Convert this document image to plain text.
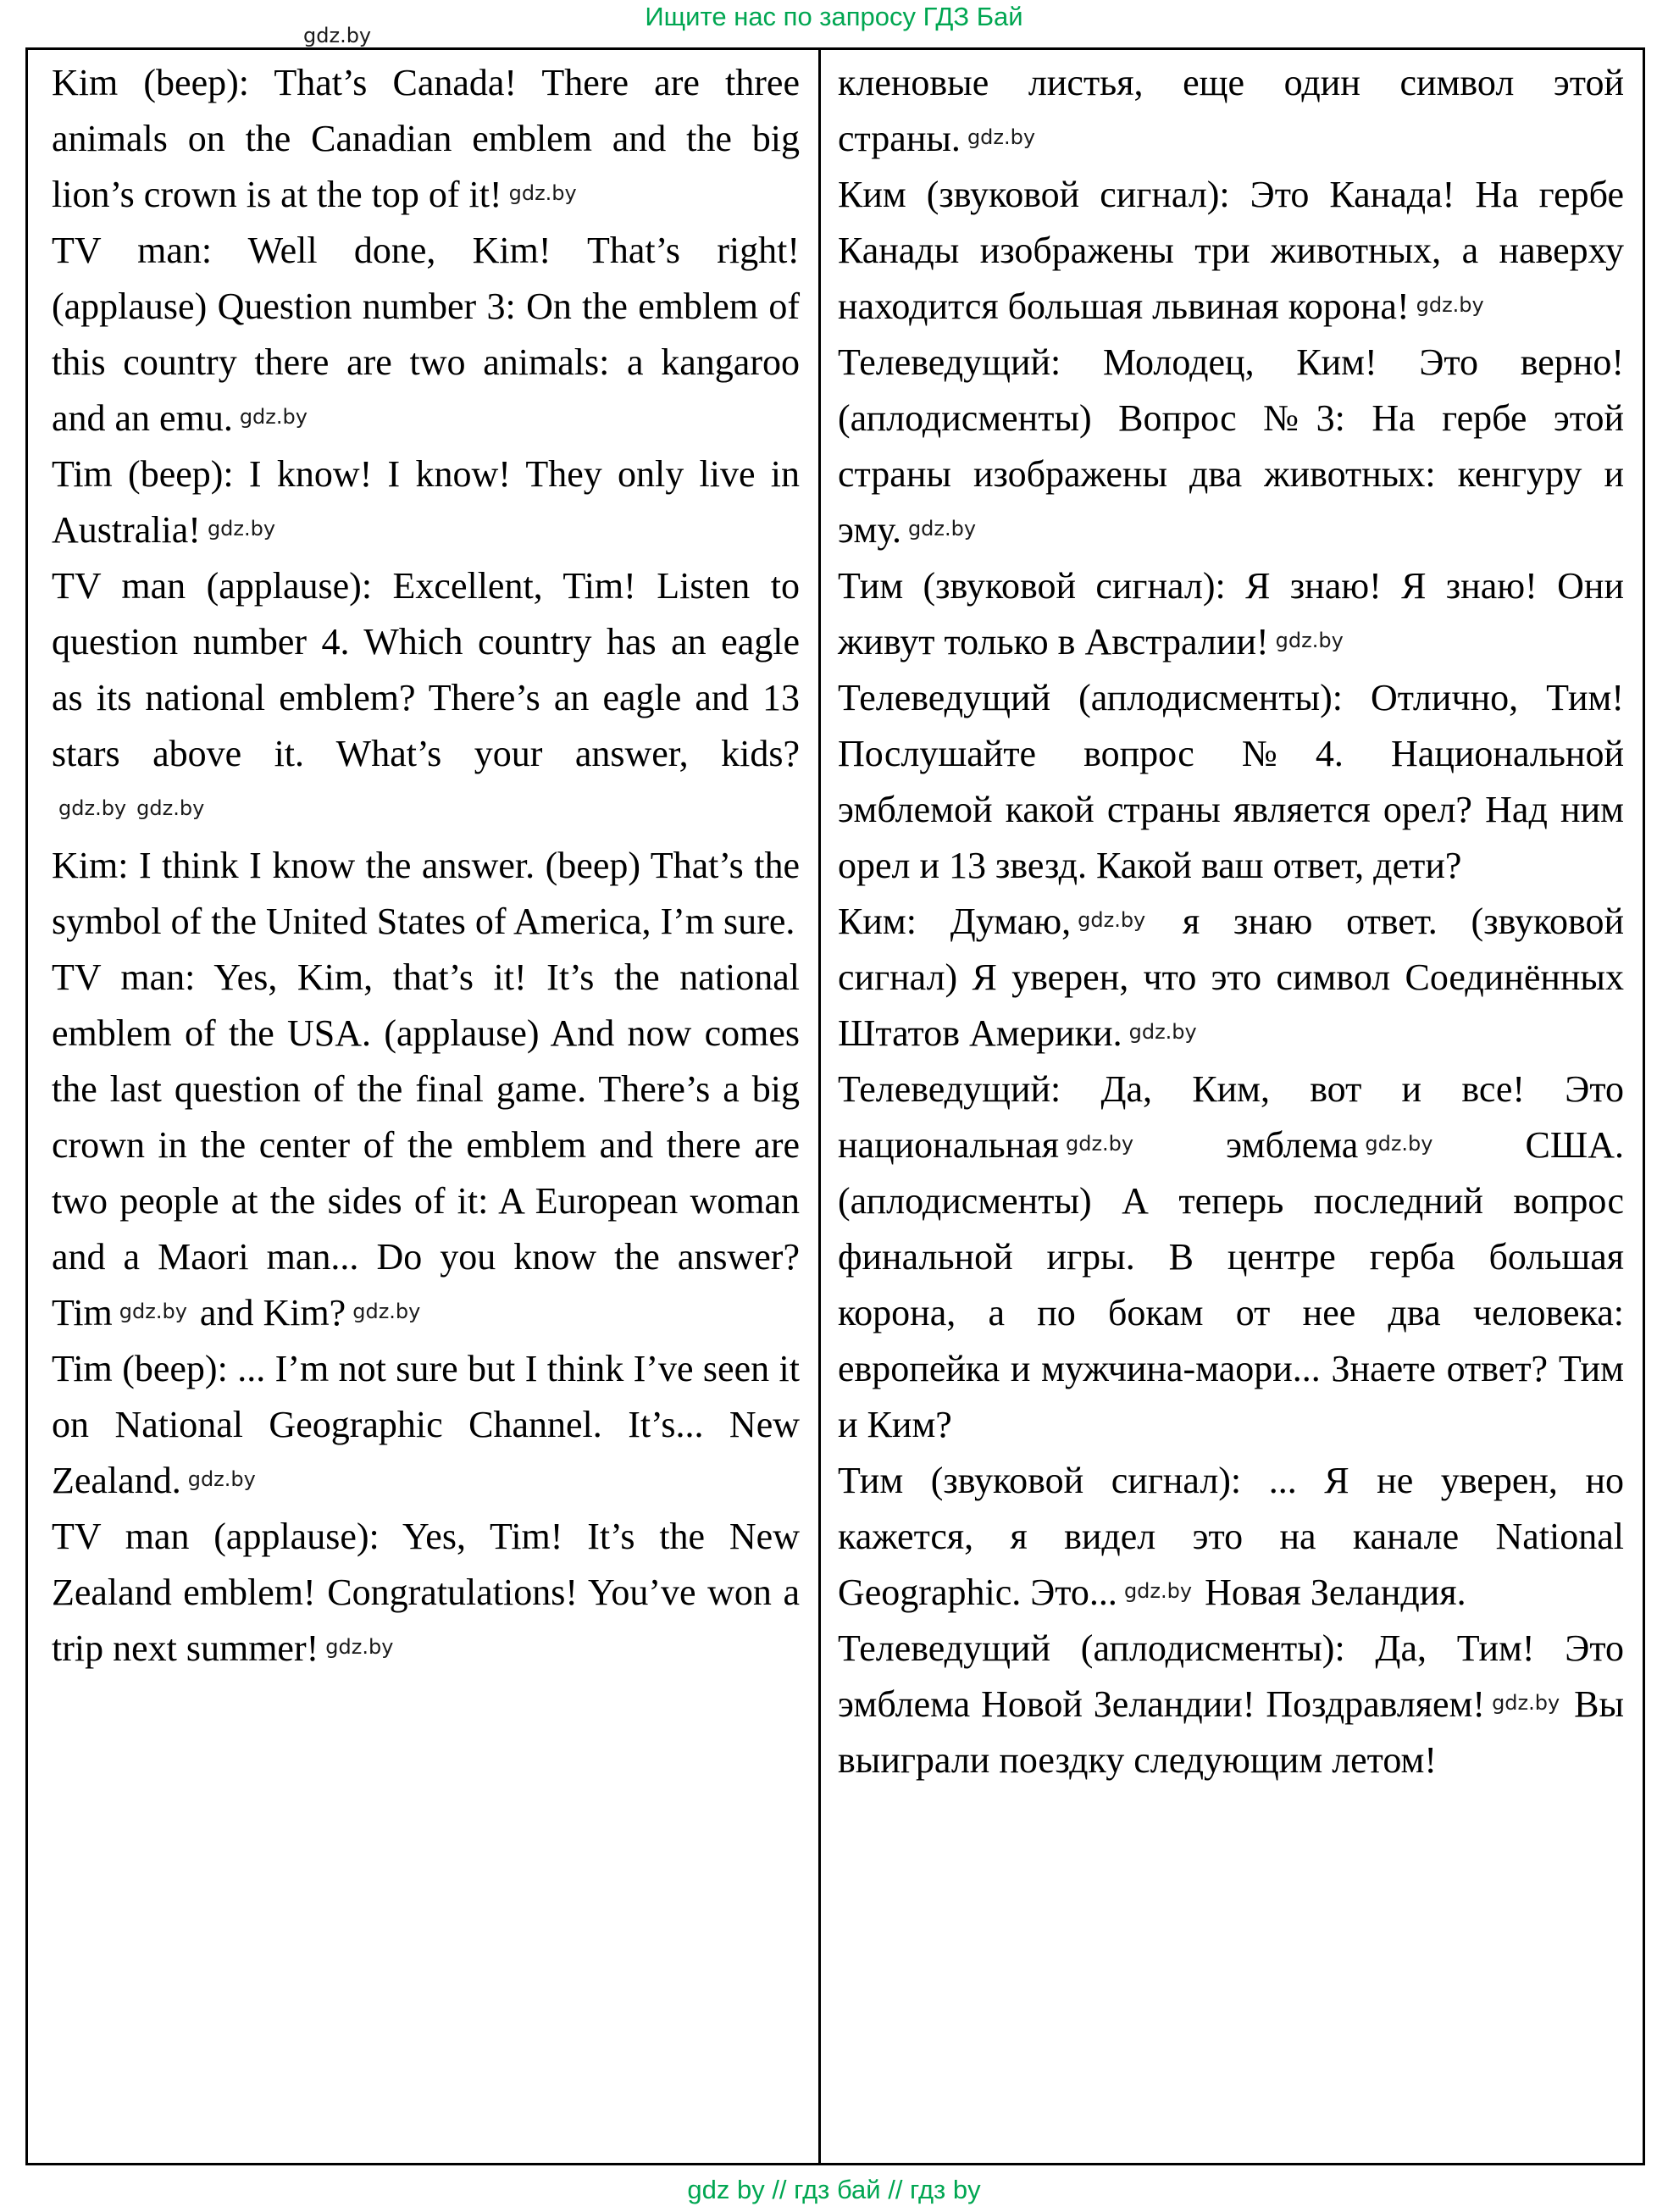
Ищите нас по запросу ГДЗ Бай
gdz.by

Kim (beep): That’s Canada! There are three animals on the Canadian emblem and the big lion’s crown is at the top of it! gdz.by

TV man: Well done, Kim! That’s right! (applause) Question number 3: On the emblem of this country there are two animals: a kangaroo and an emu. gdz.by

Tim (beep): I know! I know! They only live in Australia! gdz.by

TV man (applause): Excellent, Tim! Listen to question number 4. Which country has an eagle as its national emblem? There’s an eagle and 13 stars above it. What’s your answer, kids?gdz.by gdz.by

Kim: I think I know the answer. (beep) That’s the symbol of the United States of America, I’m sure.

TV man: Yes, Kim, that’s it! It’s the national emblem of the USA. (applause) And now comes the last question of the final game. There’s a big crown in the center of the emblem and there are two people at the sides of it: A European woman and a Maori man... Do you know the answer? Tim gdz.by and Kim? gdz.by

Tim (beep): ... I’m not sure but I think I’ve seen it on National Geographic Channel. It’s... New Zealand. gdz.by

TV man (applause): Yes, Tim! It’s the New Zealand emblem! Congratulations! You’ve won a trip next summer! gdz.by

кленовые листья, еще один символ этой страны. gdz.by

Ким (звуковой сигнал): Это Канада! На гербе Канады изображены три животных, а наверху находится большая львиная корона! gdz.by

Телеведущий: Молодец, Ким! Это верно! (аплодисменты) Вопрос №3: На гербе этой страны изображены два животных: кенгуру и эму. gdz.by

Тим (звуковой сигнал): Я знаю! Я знаю! Они живут только в Австралии! gdz.by

Телеведущий (аплодисменты): Отлично, Тим! Послушайте вопрос №4. Национальной эмблемой какой страны является орел? Над ним орел и 13 звезд. Какой ваш ответ, дети?

Ким: Думаю, gdz.by я знаю ответ. (звуковой сигнал) Я уверен, что это символ Соединённых Штатов Америки. gdz.by

Телеведущий: Да, Ким, вот и все! Это национальная gdz.by эмблема gdz.by США. (аплодисменты) А теперь последний вопрос финальной игры. В центре герба большая корона, а по бокам от нее два человека: европейка и мужчина-маори... Знаете ответ? Тим и Ким?

Тим (звуковой сигнал): ... Я не уверен, но кажется, я видел это на канале National Geographic. Это... gdz.by Новая Зеландия.

Телеведущий (аплодисменты): Да, Тим! Это эмблема Новой Зеландии! Поздравляем! gdz.by Вы выиграли поездку следующим летом!

gdz by // гдз бай // гдз by
